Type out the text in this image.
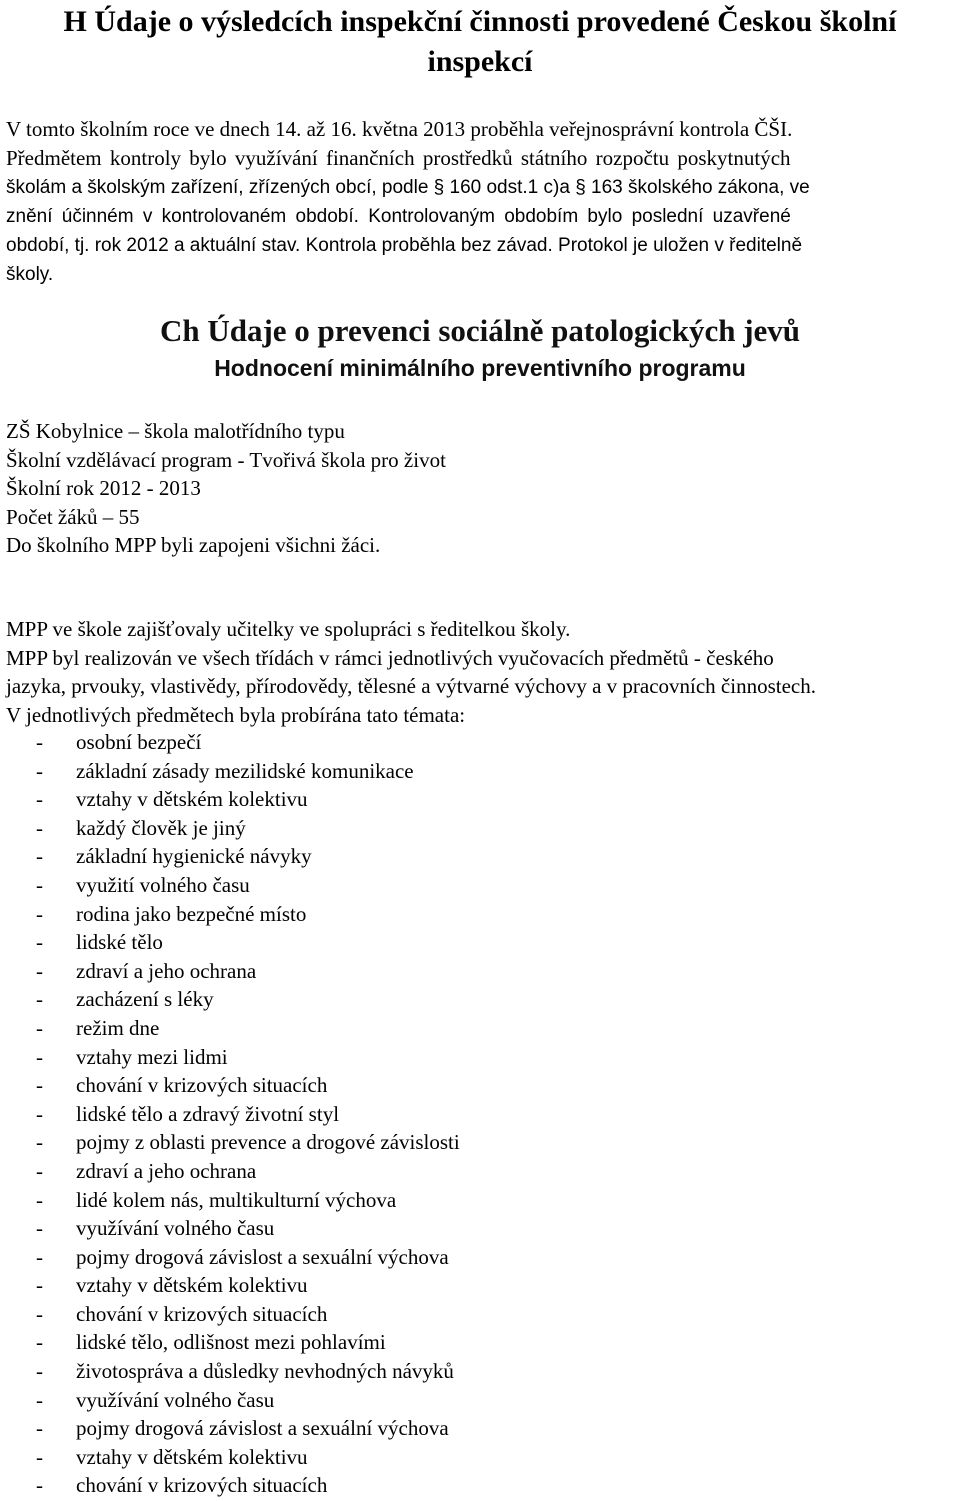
H Údaje o výsledcích inspekční činnosti provedené Českou školní
inspekcí
V tomto školním roce ve dnech 14. až 16. května 2013 proběhla veřejnosprávní kontrola ČŠI.
Předmětem kontroly bylo využívání finančních prostředků státního rozpočtu poskytnutých
školám a školským zařízení, zřízených obcí, podle § 160 odst.1 c)a § 163 školského zákona, ve
znění účinném v kontrolovaném období. Kontrolovaným obdobím bylo poslední uzavřené
období, tj. rok 2012 a aktuální stav. Kontrola proběhla bez závad. Protokol je uložen v ředitelně
školy.
Ch Údaje o prevenci sociálně patologických jevů
Hodnocení minimálního preventivního programu
ZŠ Kobylnice – škola malotřídního typu
Školní vzdělávací program - Tvořivá škola pro život
Školní rok 2012 - 2013
Počet žáků – 55
Do školního MPP byli zapojeni všichni žáci.
MPP ve škole zajišťovaly učitelky ve spolupráci s ředitelkou školy.
MPP byl realizován ve všech třídách v rámci jednotlivých vyučovacích předmětů - českého
jazyka, prvouky, vlastivědy, přírodovědy, tělesné a výtvarné výchovy a v pracovních činnostech.
V jednotlivých předmětech byla probírána tato témata:
- osobní bezpečí
- základní zásady mezilidské komunikace
- vztahy v dětském kolektivu
- každý člověk je jiný
- základní hygienické návyky
- využití volného času
- rodina jako bezpečné místo
- lidské tělo
- zdraví a jeho ochrana
- zacházení s léky
- režim dne
- vztahy mezi lidmi
- chování v krizových situacích
- lidské tělo a zdravý životní styl
- pojmy z oblasti prevence a drogové závislosti
- zdraví a jeho ochrana
- lidé kolem nás, multikulturní výchova
- využívání volného času
- pojmy drogová závislost a sexuální výchova
- vztahy v dětském kolektivu
- chování v krizových situacích
- lidské tělo, odlišnost mezi pohlavími
- životospráva a důsledky nevhodných návyků
- využívání volného času
- pojmy drogová závislost a sexuální výchova
- vztahy v dětském kolektivu
- chování v krizových situacích
